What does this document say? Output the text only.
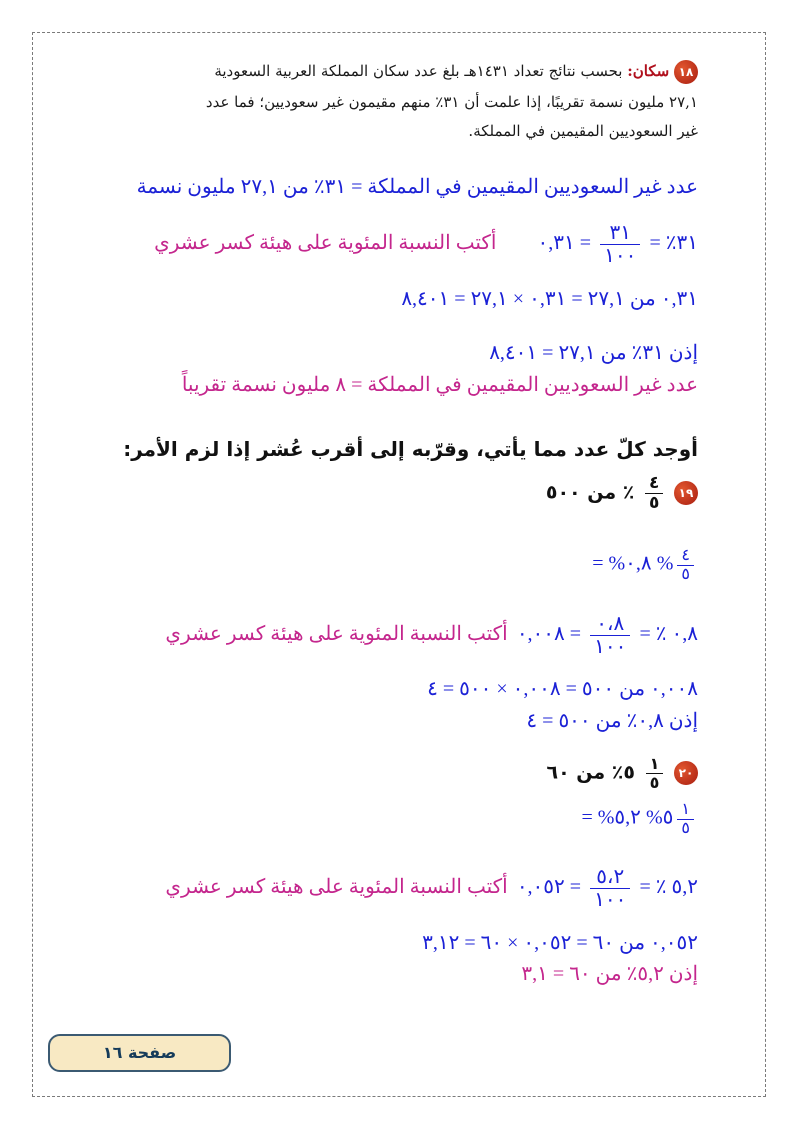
١٨ سكان: بحسب نتائج تعداد ١٤٣١هـ بلغ عدد سكان المملكة العربية السعودية
٢٧,١ مليون نسمة تقريبًا، إذا علمت أن ٣١٪ منهم مقيمون غير سعوديين؛ فما عدد
غير السعوديين المقيمين في المملكة.
عدد غير السعوديين المقيمين في المملكة = ٣١٪ من ٢٧,١ مليون نسمة
٣١٪ =
$\frac{٣١}{١٠٠}$
= ٠,٣١ أكتب النسبة المئوية على هيئة كسر عشري
٠,٣١ من ٢٧,١ = ٠,٣١ × ٢٧,١ = ٨,٤٠١
إذن ٣١٪ من ٢٧,١ = ٨,٤٠١
عدد غير السعوديين المقيمين في المملكة = ٨ مليون نسمة تقريباً
أوجد كلّ عدد مما يأتي، وقرّبه إلى أقرب عُشر إذا لزم الأمر:
١٩
$\frac{٤}{٥}$
٪ من ٥٠٠
= %٠,٨ % $\frac{٤}{٥}$
٠,٨ ٪ =
$\frac{٠،٨}{١٠٠}$
= ٠,٠٠٨ أكتب النسبة المئوية على هيئة كسر عشري
٠,٠٠٨ من ٥٠٠ = ٠,٠٠٨ × ٥٠٠ = ٤
إذن ٠,٨٪ من ٥٠٠ = ٤
٢٠
$\frac{١}{٥}$
٥٪ من ٦٠
= %٥,٢ %٥ $\frac{١}{٥}$
٥,٢ ٪ =
$\frac{٥،٢}{١٠٠}$
= ٠,٠٥٢ أكتب النسبة المئوية على هيئة كسر عشري
٠,٠٥٢ من ٦٠ = ٠,٠٥٢ × ٦٠ = ٣,١٢
إذن ٥,٢٪ من ٦٠ = ٣,١
صفحة ١٦
